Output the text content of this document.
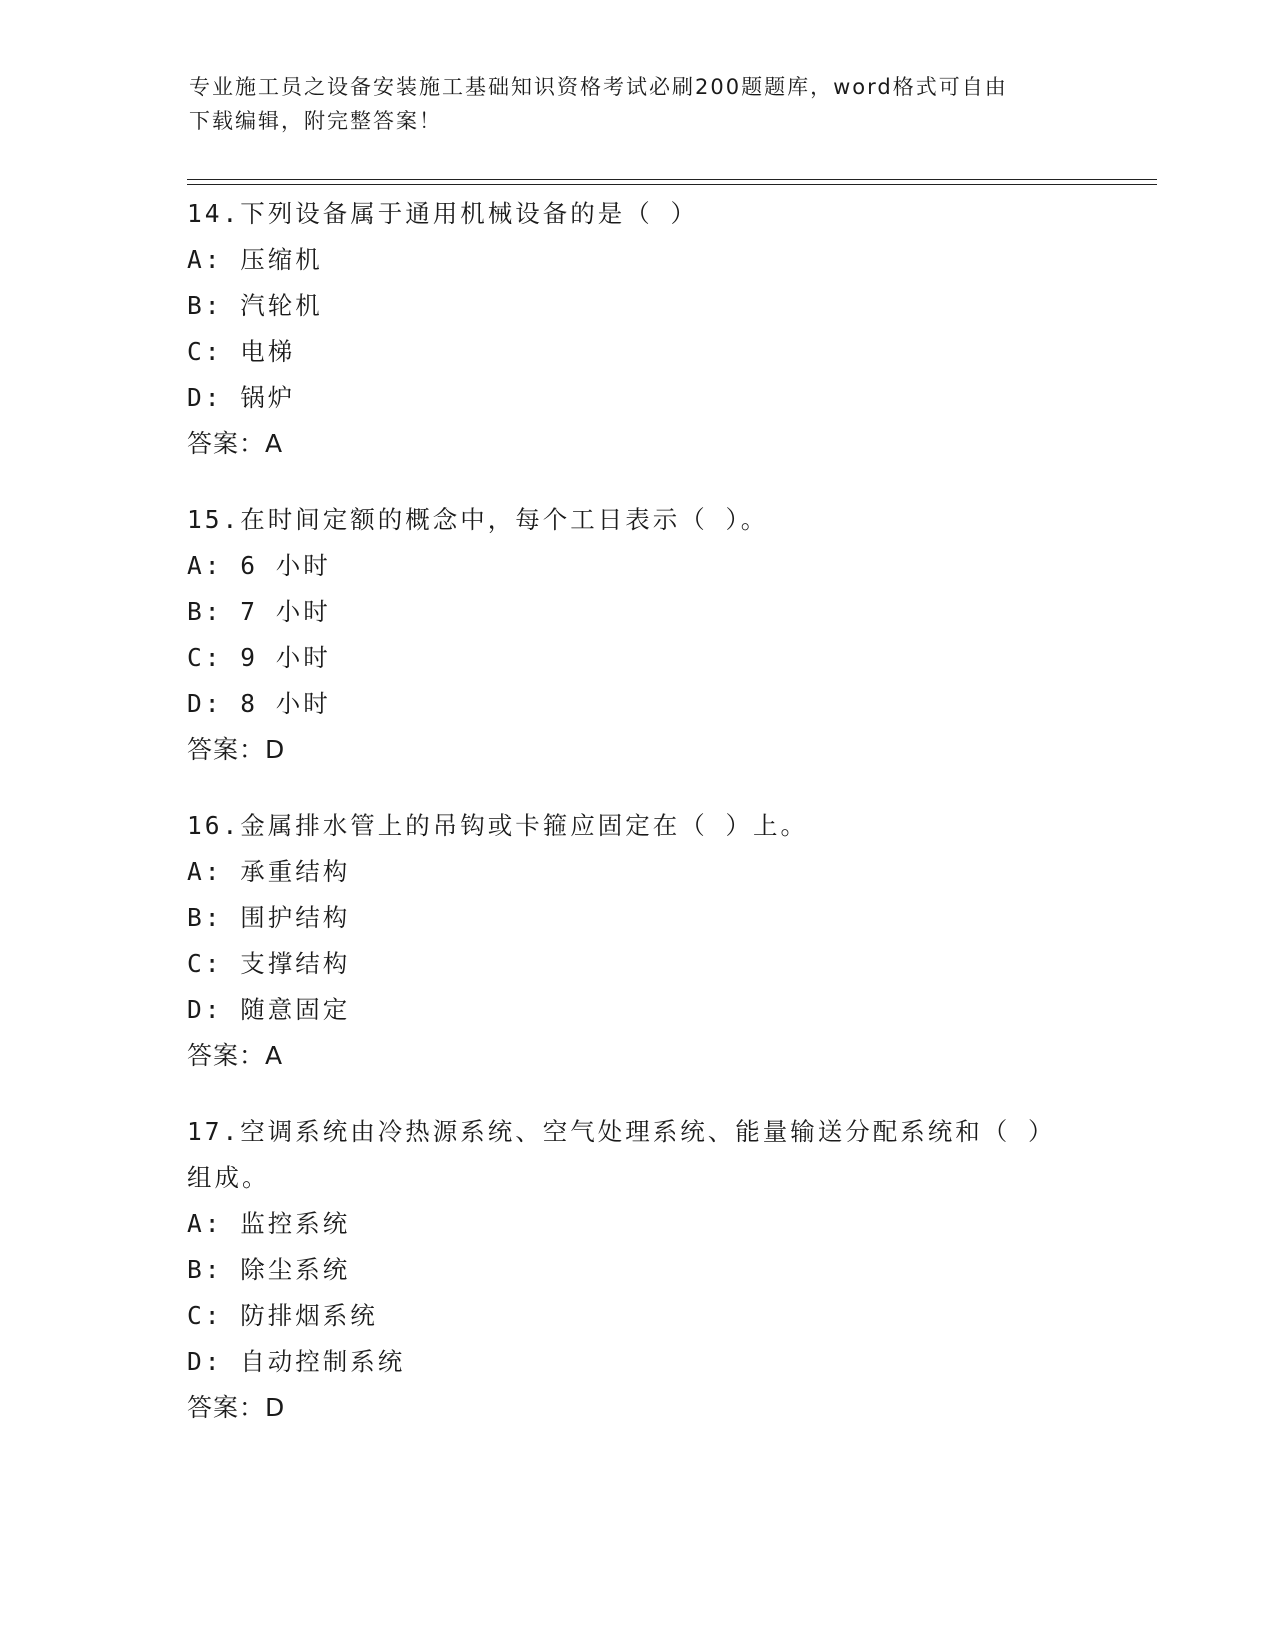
专业施工员之设备安装施工基础知识资格考试必刷200题题库，word格式可自由
下载编辑，附完整答案！
14.下列设备属于通用机械设备的是（ ）
A: 压缩机
B: 汽轮机
C: 电梯
D: 锅炉
答案：A
15.在时间定额的概念中，每个工日表示（ ）。
A: 6 小时
B: 7 小时
C: 9 小时
D: 8 小时
答案：D
16.金属排水管上的吊钩或卡箍应固定在（ ）上。
A: 承重结构
B: 围护结构
C: 支撑结构
D: 随意固定
答案：A
17.空调系统由冷热源系统、空气处理系统、能量输送分配系统和（ ）组成。
A: 监控系统
B: 除尘系统
C: 防排烟系统
D: 自动控制系统
答案：D
